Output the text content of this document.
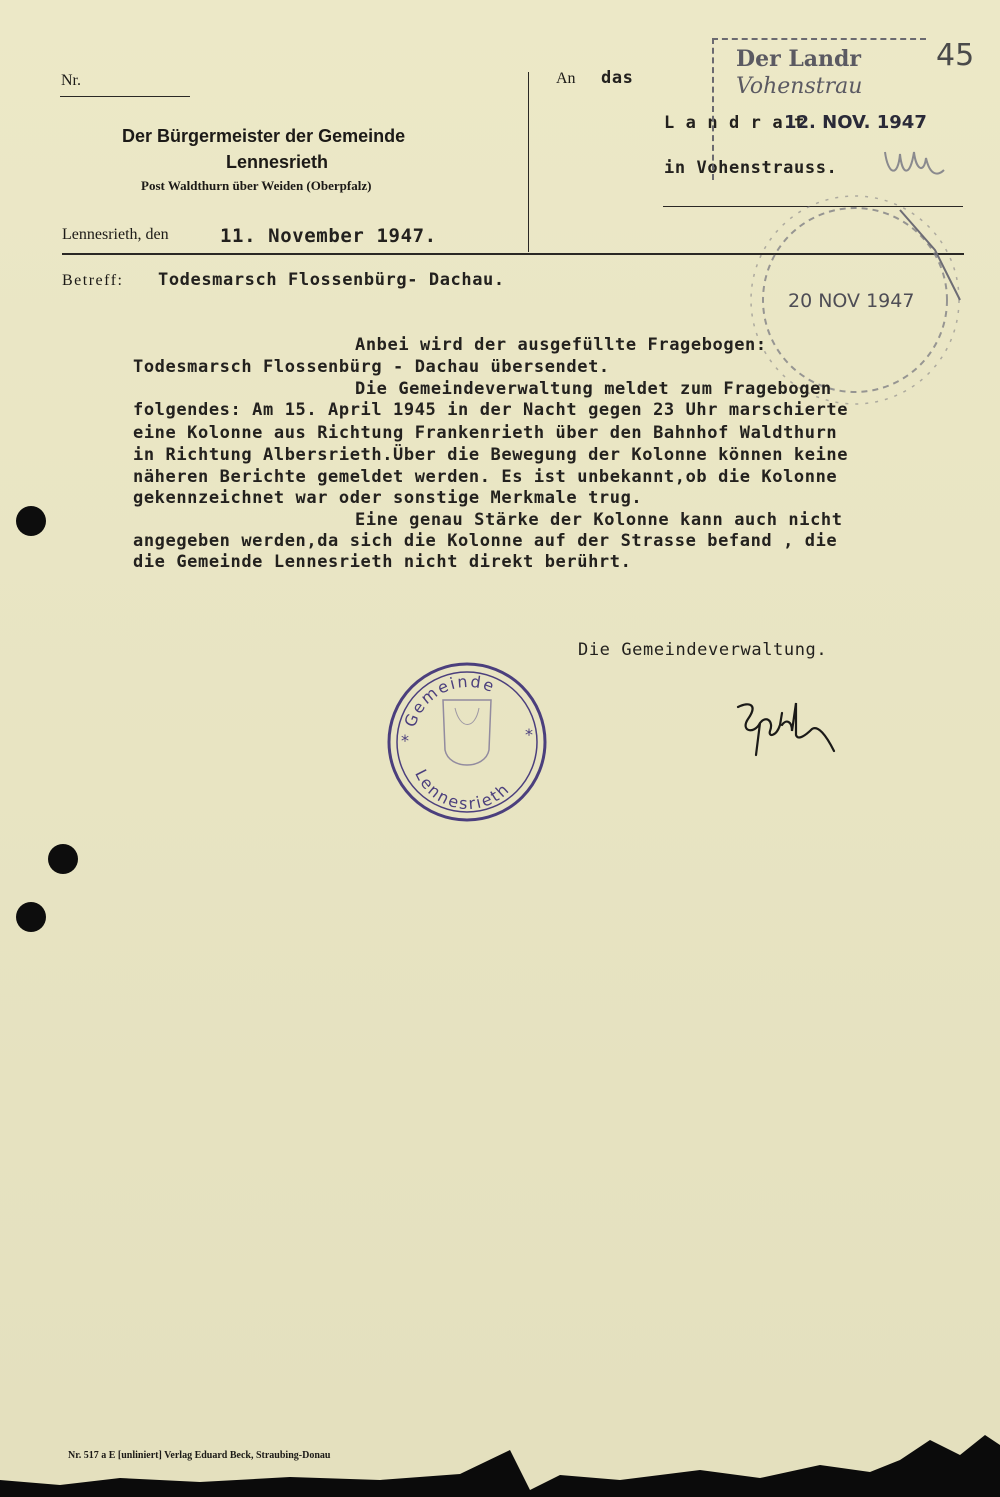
45
Nr.
Der Bürgermeister der Gemeinde
Lennesrieth
Post Waldthurn über Weiden (Oberpfalz)
Lennesrieth, den	11. November 1947.
An das
L a n d r a t
in Vohenstrauss.
Der Landr
Vohenstrau
12. NOV. 1947
20 NOV 1947
Betreff: Todesmarsch Flossenbürg- Dachau.
Anbei wird der ausgefüllte Fragebogen:
Todesmarsch Flossenbürg - Dachau übersendet.
Die Gemeindeverwaltung meldet zum Fragebogen
folgendes: Am 15. April 1945 in der Nacht gegen 23 Uhr marschierte
eine Kolonne aus Richtung Frankenrieth über den Bahnhof Waldthurn
in Richtung Albersrieth.Über die Bewegung der Kolonne können keine
näheren Berichte gemeldet werden. Es ist unbekannt,ob die Kolonne
gekennzeichnet war oder sonstige Merkmale trug.
Eine genau Stärke der Kolonne kann auch nicht
angegeben werden,da sich die Kolonne auf der Strasse befand , die
die Gemeinde Lennesrieth nicht direkt berührt.
Die Gemeindeverwaltung.
Gemeinde
Lennesrieth
*	*
Nr. 517 a E [unliniert] Verlag Eduard Beck, Straubing-Donau
